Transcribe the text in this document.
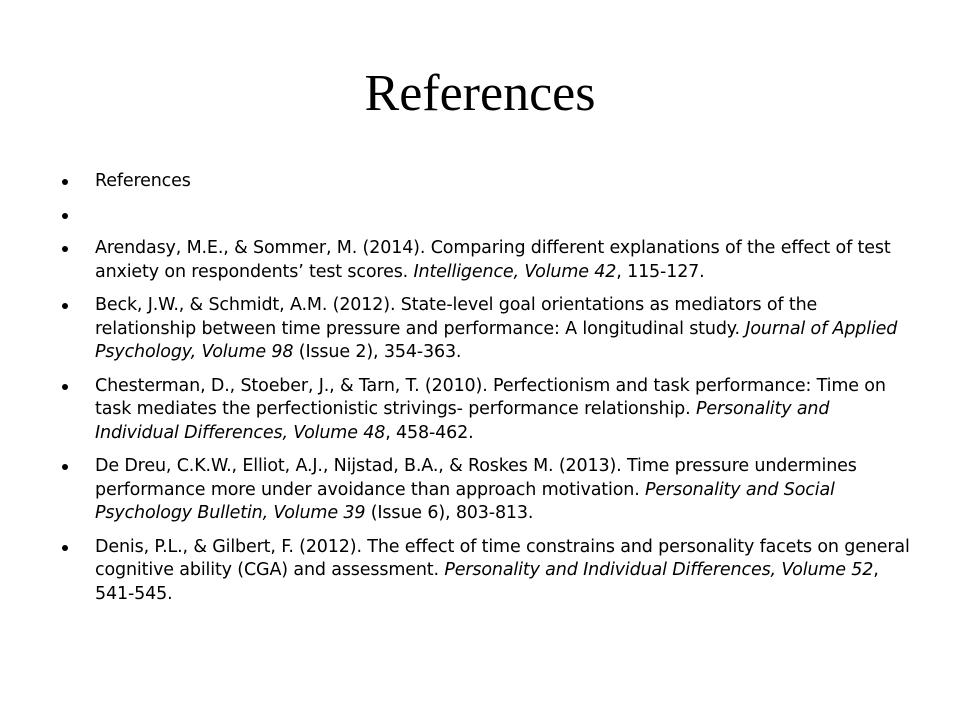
References
References
Arendasy, M.E., & Sommer, M. (2014). Comparing different explanations of the effect of test anxiety on respondents’ test scores. Intelligence, Volume 42, 115-127.
Beck, J.W., & Schmidt, A.M. (2012). State-level goal orientations as mediators of the relationship between time pressure and performance: A longitudinal study. Journal of Applied Psychology, Volume 98 (Issue 2), 354-363.
Chesterman, D., Stoeber, J., & Tarn, T. (2010). Perfectionism and task performance: Time on task mediates the perfectionistic strivings- performance relationship. Personality and Individual Differences, Volume 48, 458-462.
De Dreu, C.K.W., Elliot, A.J., Nijstad, B.A., & Roskes M. (2013). Time pressure undermines performance more under avoidance than approach motivation. Personality and Social Psychology Bulletin, Volume 39 (Issue 6), 803-813.
Denis, P.L., & Gilbert, F. (2012). The effect of time constrains and personality facets on general cognitive ability (CGA) and assessment. Personality and Individual Differences, Volume 52, 541-545.
